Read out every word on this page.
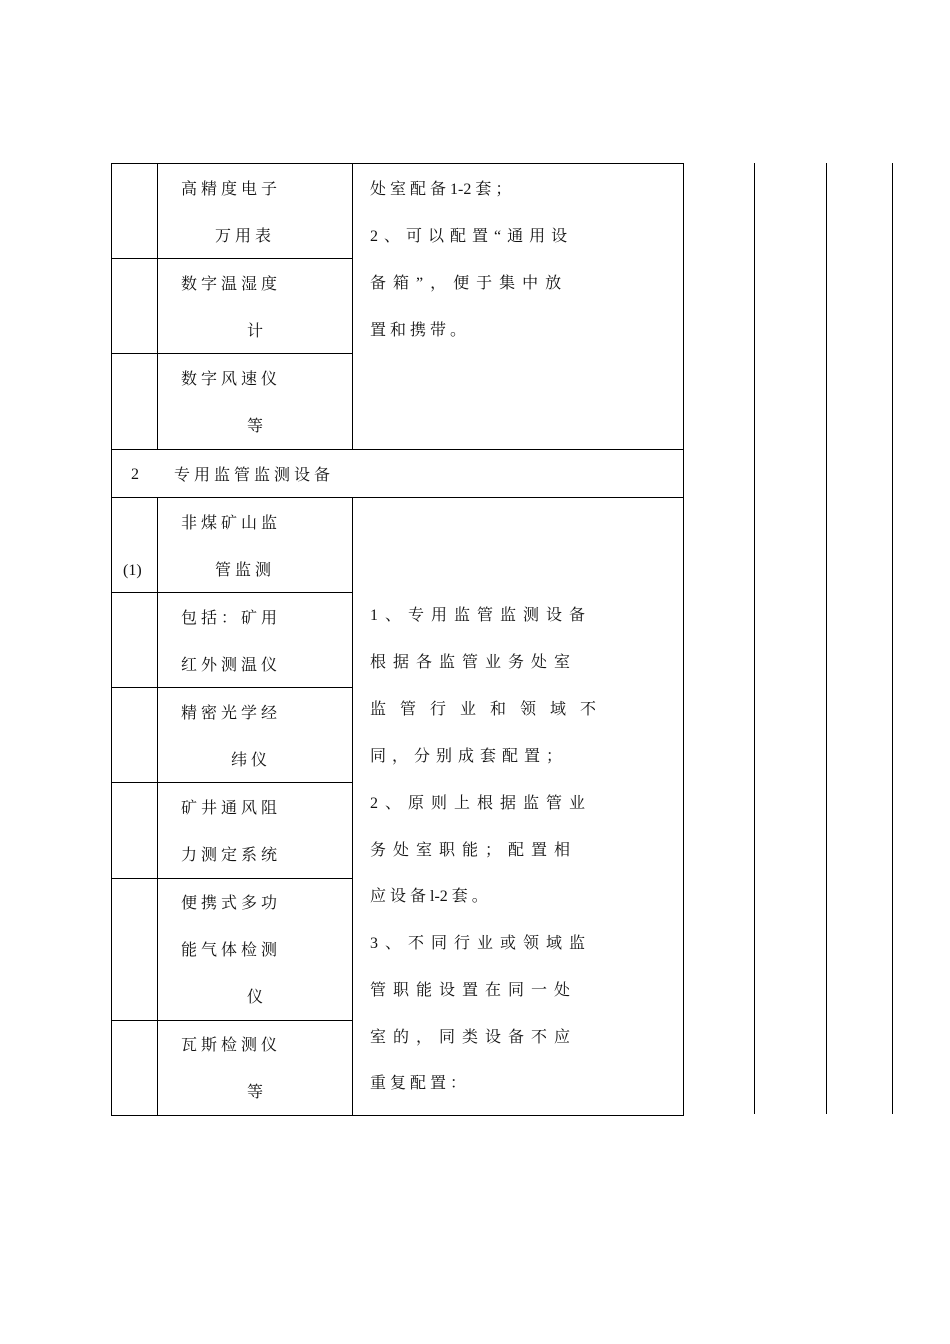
高 精 度 电 子
万 用 表
数 字 温 湿 度
计
数 字 风 速 仪
等
处 室 配 备 1-2 套 ；
2 、 可 以 配 置 “ 通 用 设
备 箱 ” ， 便 于 集 中 放
置 和 携 带 。
2 专 用 监 管 监 测 设 备
(1)
非 煤 矿 山 监
管 监 测
包 括 ： 矿 用
红 外 测 温 仪
精 密 光 学 经
纬 仪
矿 井 通 风 阻
力 测 定 系 统
便 携 式 多 功
能 气 体 检 测
仪
瓦 斯 检 测 仪
等
1 、 专 用 监 管 监 测 设 备
根 据 各 监 管 业 务 处 室
监 管 行 业 和 领 域 不
同 ， 分 别 成 套 配 置 ；
2 、 原 则 上 根 据 监 管 业
务 处 室 职 能 ； 配 置 相
应 设 备 l-2 套 。
3 、 不 同 行 业 或 领 域 监
管 职 能 设 置 在 同 一 处
室 的 ， 同 类 设 备 不 应
重 复 配 置 ：
